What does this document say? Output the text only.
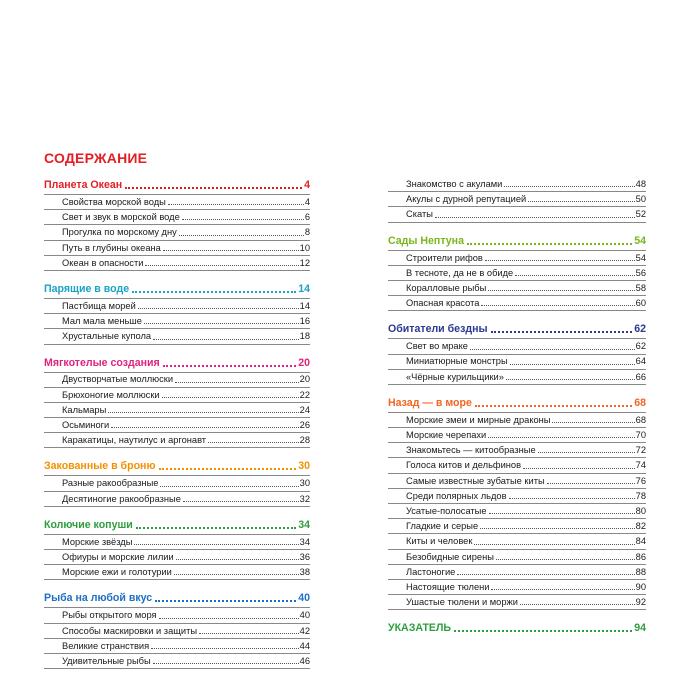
СОДЕРЖАНИЕ
Планета Океан	4
Свойства морской воды	4
Свет и звук в морской воде	6
Прогулка по морскому дну	8
Путь в глубины океана	10
Океан в опасности	12
Парящие в воде	14
Пастбища морей	14
Мал мала меньше	16
Хрустальные купола	18
Мягкотелые создания	20
Двустворчатые моллюски	20
Брюхоногие моллюски	22
Кальмары	24
Осьминоги	26
Каракатицы, наутилус и аргонавт	28
Закованные в броню	30
Разные ракообразные	30
Десятиногие ракообразные	32
Колючие копуши	34
Морские звёзды	34
Офиуры и морские лилии	36
Морские ежи и голотурии	38
Рыба на любой вкус	40
Рыбы открытого моря	40
Способы маскировки и защиты	42
Великие странствия	44
Удивительные рыбы	46
Знакомство с акулами	48
Акулы с дурной репутацией	50
Скаты	52
Сады Нептуна	54
Строители рифов	54
В тесноте, да не в обиде	56
Коралловые рыбы	58
Опасная красота	60
Обитатели бездны	62
Свет во мраке	62
Миниатюрные монстры	64
«Чёрные курильщики»	66
Назад — в море	68
Морские змеи и мирные драконы	68
Морские черепахи	70
Знакомьтесь — китообразные	72
Голоса китов и дельфинов	74
Самые известные зубатые киты	76
Среди полярных льдов	78
Усатые-полосатые	80
Гладкие и серые	82
Киты и человек	84
Безобидные сирены	86
Ластоногие	88
Настоящие тюлени	90
Ушастые тюлени и моржи	92
УКАЗАТЕЛЬ	94
